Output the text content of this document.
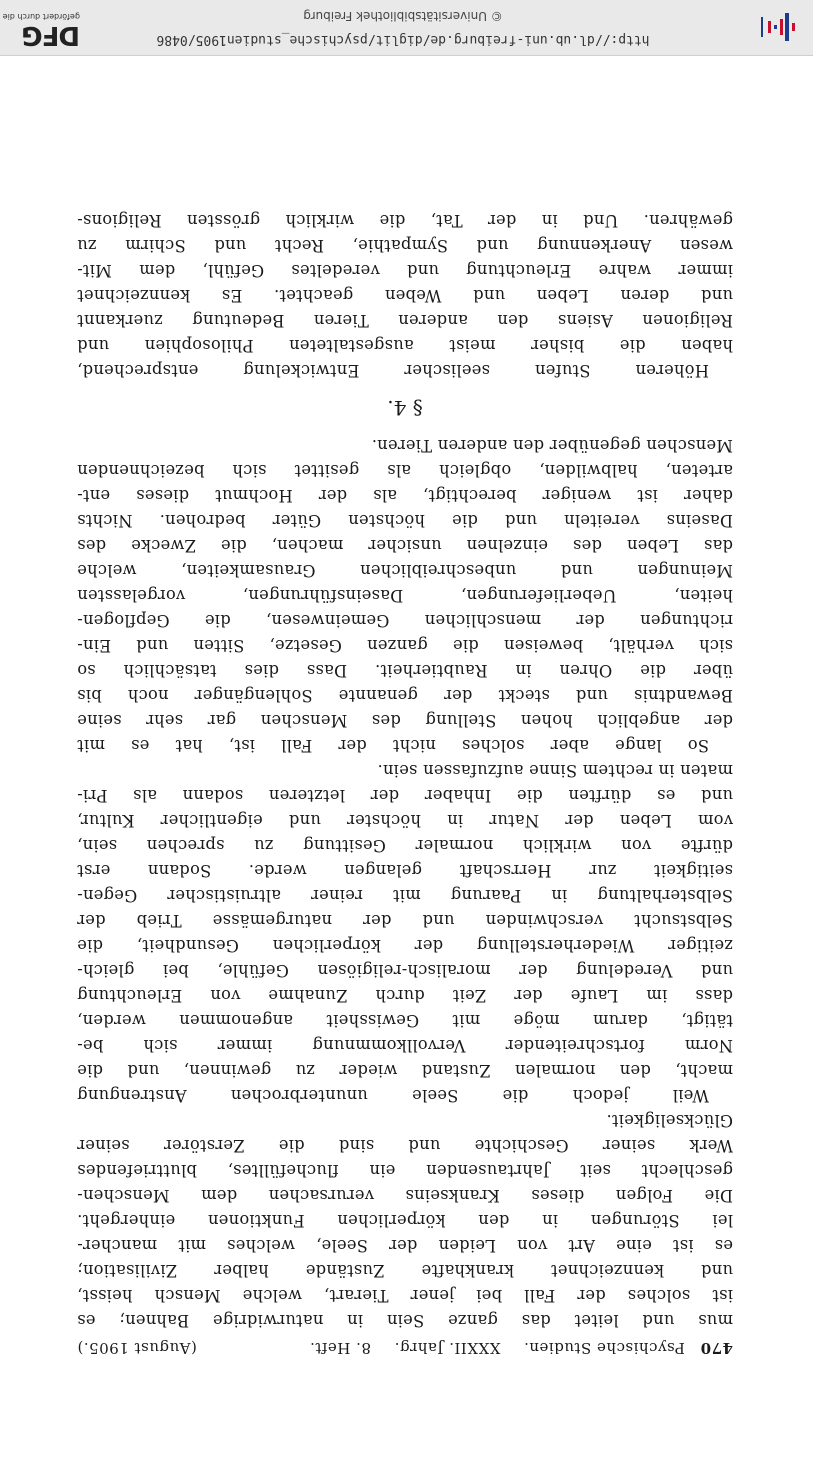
470 Psychische Studien. XXXII. Jahrg. 8. Heft.
(August 1905.)
mus und leitet das ganze Sein in naturwidrige Bahnen; es
ist solches der Fall bei jener Tierart, welche Mensch heisst,
und kennzeichnet krankhafte Zustände halber Zivilisation;
es ist eine Art von Leiden der Seele, welches mit mancher-
lei Störungen in den körperlichen Funktionen einhergeht.
Die Folgen dieses Krankseins verursachen dem Menschen-
geschlecht seit Jahrtausenden ein fluchefülltes, bluttriefendes
Werk seiner Geschichte und sind die Zerstörer seiner
Glückseligkeit.
Weil jedoch die Seele ununterbrochen Anstrengung
macht, den normalen Zustand wieder zu gewinnen, und die
Norm fortschreitender Vervollkommnung immer sich be-
tätigt, darum möge mit Gewissheit angenommen werden,
dass im Laufe der Zeit durch Zunahme von Erleuchtung
und Veredelung der moralisch-religiösen Gefühle, bei gleich-
zeitiger Wiederherstellung der körperlichen Gesundheit, die
Selbstsucht verschwinden und der naturgemässe Trieb der
Selbsterhaltung in Paarung mit reiner altruistischer Gegen-
seitigkeit zur Herrschaft gelangen werde. Sodann erst
dürfte von wirklich normaler Gesittung zu sprechen sein,
vom Leben der Natur in höchster und eigentlicher Kultur,
und es dürften die Inhaber der letzteren sodann als Pri-
maten in rechtem Sinne aufzufassen sein.
So lange aber solches nicht der Fall ist, hat es mit
der angeblich hohen Stellung des Menschen gar sehr seine
Bewandtnis und steckt der genannte Sohlengänger noch bis
über die Ohren in Raubtierheit. Dass dies tatsächlich so
sich verhält, beweisen die ganzen Gesetze, Sitten und Ein-
richtungen der menschlichen Gemeinwesen, die Gepflogen-
heiten, Ueberlieferungen, Daseinsführungen, vorgelassten
Meinungen und unbeschreiblichen Grausamkeiten, welche
das Leben des einzelnen unsicher machen, die Zwecke des
Daseins vereiteln und die höchsten Güter bedrohen. Nichts
daher ist weniger berechtigt, als der Hochmut dieses ent-
arteten, halbwilden, obgleich als gesittet sich bezeichnenden
Menschen gegenüber den anderen Tieren.
§ 4.
Höheren Stufen seelischer Entwickelung entsprechend,
haben die bisher meist ausgestalteten Philosophien und
Religionen Asiens den anderen Tieren Bedeutung zuerkannt
und deren Leben und Weben geachtet. Es kennzeichnet
immer wahre Erleuchtung und veredeltes Gefühl, dem Mit-
wesen Anerkennung und Sympathie, Recht und Schirm zu
gewähren. Und in der Tat, die wirklich grössten Religions-
http://dl.ub.uni-freiburg.de/diglit/psychische_studien1905/0486
© Universitätsbibliothek Freiburg
DFG
gefördert durch die
